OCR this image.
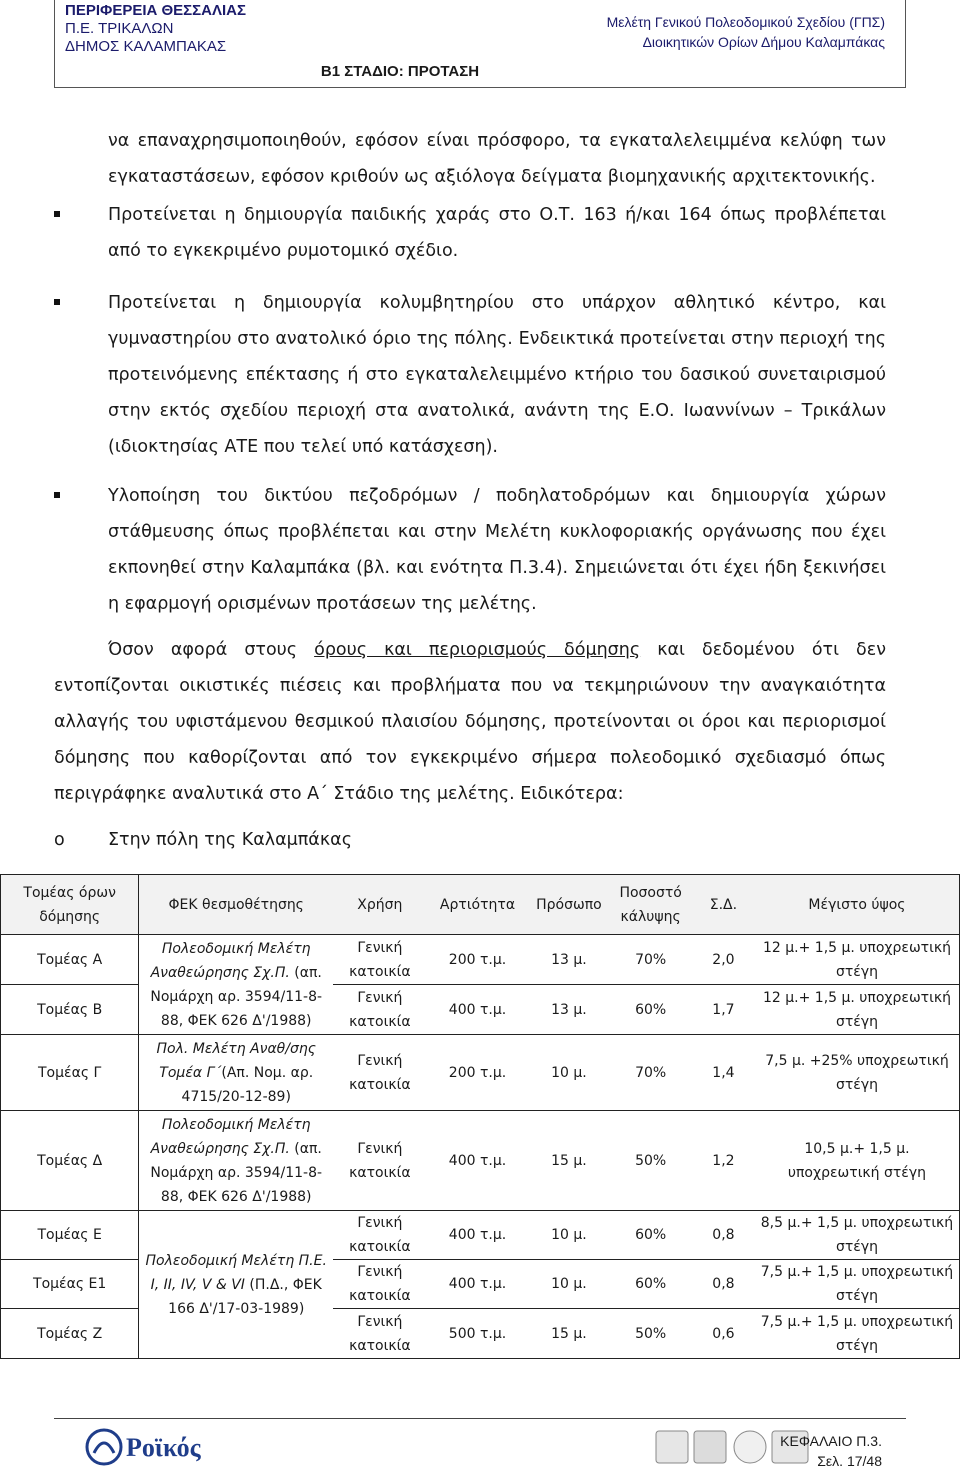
ΠΕΡΙΦΕΡΕΙΑ ΘΕΣΣΑΛΙΑΣ
Π.Ε. ΤΡΙΚΑΛΩΝ
ΔΗΜΟΣ ΚΑΛΑΜΠΑΚΑΣ
Μελέτη Γενικού Πολεοδομικού Σχεδίου (ΓΠΣ)
Διοικητικών Ορίων Δήμου Καλαμπάκας
Β1 ΣΤΑΔΙΟ: ΠΡΟΤΑΣΗ
να επαναχρησιμοποιηθούν, εφόσον είναι πρόσφορο, τα εγκαταλελειμμένα κελύφη των εγκαταστάσεων, εφόσον κριθούν ως αξιόλογα δείγματα βιομηχανικής αρχιτεκτονικής.
Προτείνεται η δημιουργία παιδικής χαράς στο Ο.Τ. 163 ή/και 164 όπως προβλέπεται από το εγκεκριμένο ρυμοτομικό σχέδιο.
Προτείνεται η δημιουργία κολυμβητηρίου στο υπάρχον αθλητικό κέντρο, και γυμναστηρίου στο ανατολικό όριο της πόλης. Ενδεικτικά προτείνεται στην περιοχή της προτεινόμενης επέκτασης ή στο εγκαταλελειμμένο κτήριο του δασικού συνεταιρισμού στην εκτός σχεδίου περιοχή στα ανατολικά, ανάντη της Ε.Ο. Ιωαννίνων – Τρικάλων (ιδιοκτησίας ΑΤΕ που τελεί υπό κατάσχεση).
Υλοποίηση του δικτύου πεζοδρόμων / ποδηλατοδρόμων και δημιουργία χώρων στάθμευσης όπως προβλέπεται και στην Μελέτη κυκλοφοριακής οργάνωσης που έχει εκπονηθεί στην Καλαμπάκα (βλ. και ενότητα Π.3.4). Σημειώνεται ότι έχει ήδη ξεκινήσει η εφαρμογή ορισμένων προτάσεων της μελέτης.
Όσον αφορά στους όρους και περιορισμούς δόμησης και δεδομένου ότι δεν εντοπίζονται οικιστικές πιέσεις και προβλήματα που να τεκμηριώνουν την αναγκαιότητα αλλαγής του υφιστάμενου θεσμικού πλαισίου δόμησης, προτείνονται οι όροι και περιορισμοί δόμησης που καθορίζονται από τον εγκεκριμένο σήμερα πολεοδομικό σχεδιασμό όπως περιγράφηκε αναλυτικά στο Α΄ Στάδιο της μελέτης. Ειδικότερα:
o Στην πόλη της Καλαμπάκας
Τομέας όρων δόμησης	ΦΕΚ θεσμοθέτησης	Χρήση	Αρτιότητα	Πρόσωπο	Ποσοστό κάλυψης	Σ.Δ.	Μέγιστο ύψος
Τομέας Α	Πολεοδομική Μελέτη Αναθεώρησης Σχ.Π. (απ. Νομάρχη αρ. 3594/11-8-88, ΦΕΚ 626 Δ'/1988)	Γενική κατοικία	200 τ.μ.	13 μ.	70%	2,0	12 μ.+ 1,5 μ. υποχρεωτική στέγη
Τομέας Β		Γενική κατοικία	400 τ.μ.	13 μ.	60%	1,7	12 μ.+ 1,5 μ. υποχρεωτική στέγη
Τομέας Γ	Πολ. Μελέτη Αναθ/σης Τομέα Γ΄(Απ. Νομ. αρ. 4715/20-12-89)	Γενική κατοικία	200 τ.μ.	10 μ.	70%	1,4	7,5 μ. +25% υποχρεωτική στέγη
Τομέας Δ	Πολεοδομική Μελέτη Αναθεώρησης Σχ.Π. (απ. Νομάρχη αρ. 3594/11-8-88, ΦΕΚ 626 Δ'/1988)	Γενική κατοικία	400 τ.μ.	15 μ.	50%	1,2	10,5 μ.+ 1,5 μ. υποχρεωτική στέγη
Τομέας Ε	Πολεοδομική Μελέτη Π.Ε. Ι, ΙΙ, ΙV, V & VI (Π.Δ., ΦΕΚ 166 Δ'/17-03-1989)	Γενική κατοικία	400 τ.μ.	10 μ.	60%	0,8	8,5 μ.+ 1,5 μ. υποχρεωτική στέγη
Τομέας Ε1		Γενική κατοικία	400 τ.μ.	10 μ.	60%	0,8	7,5 μ.+ 1,5 μ. υποχρεωτική στέγη
Τομέας Ζ		Γενική κατοικία	500 τ.μ.	15 μ.	50%	0,6	7,5 μ.+ 1,5 μ. υποχρεωτική στέγη
Ροϊκός	ΚΕΦΑΛΑΙΟ Π.3.
Σελ. 17/48
